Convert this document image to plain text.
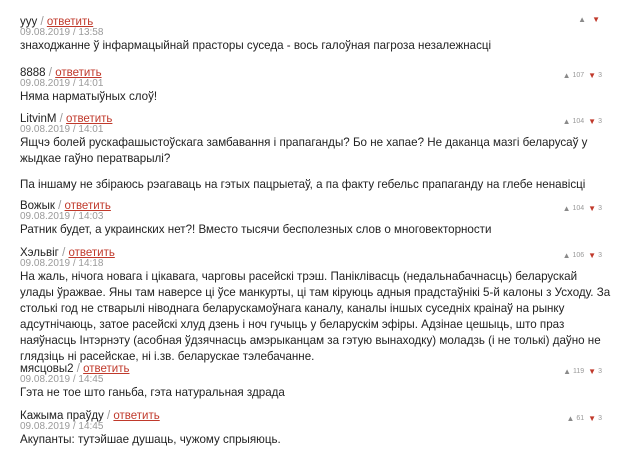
yyy / ответить
09.08.2019 / 13:58
▲ ▼

знаходжанне ў інфармацыйнай прасторы суседа - вось галоўная пагроза незалежнасці

8888 / ответить
09.08.2019 / 14:01
▲ 107 ▼ 3

Няма нарматыўных слоў!

LitvinM / ответить
09.08.2019 / 14:01
▲ 104 ▼ 3

Ящчэ болей рускафашыстоўскага замбавання і прапаганды? Бо не хапае? Не даканца мазгі беларусаў у жыдкае гаўно ператварылі?

Па іншаму не збіраюсь рэагаваць на гэтых пацрыетаў, а па факту гебельс прапаганду на глебе ненавісці

Вожык / ответить
09.08.2019 / 14:03
▲ 104 ▼ 3

Ратник будет, а украинских нет?! Вместо тысячи бесполезных слов о многовекторности

Хэльвіг / ответить
09.08.2019 / 14:18
▲ 106 ▼ 3

На жаль, нічога новага і цікавага, чарговы расейскі трэш. Панікліваcць (недальнабачнасць) беларускай улады ўражвае. Яны там наверсе ці ўсе манкурты, ці там кіруюць адныя прадстаўнікі 5-й калоны з Усходу. За столькі год не стварылі ніводнага беларускамоўнага каналу, каналы іншых суседніх краінаў на рынку адсутнічаюць, затое расейскі хлуд дзень і ноч гучыць у беларускім эфіры. Адзінае цешыць, што праз наяўнасць Інтэрнэту (асобная ўдзячнасць амэрыканцам за гэтую вынаходку) моладзь (і не толькі) даўно не глядзіць ні расейскае, ні і.зв. беларускае тэлебачанне.

мясцовы2 / ответить
09.08.2019 / 14:45
▲ 119 ▼ 3

Гэта не тое што ганьба, гэта натуральная здрада

Кажыма праўду / ответить
09.08.2019 / 14:45
▲ 61 ▼ 3

Акупанты: тутэйшае душаць, чужому спрыяюць.
